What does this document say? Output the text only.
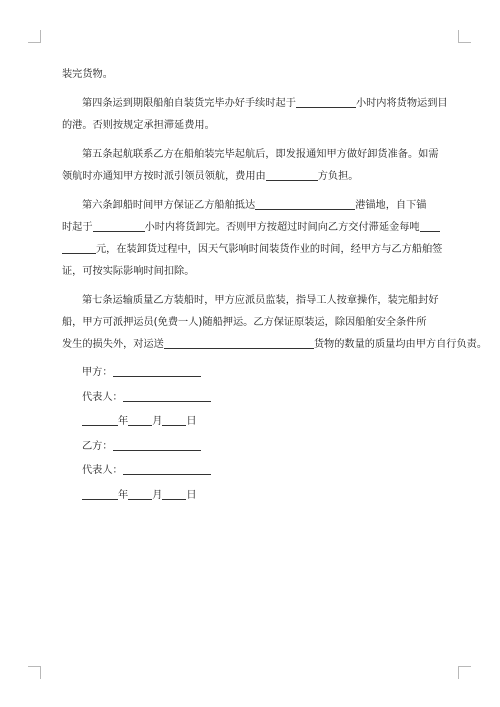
装完货物。
第四条运到期限船舶自装货完毕办好手续时起于	小时内将货物运到目
的港。否则按规定承担滞延费用。
第五条起航联系乙方在船舶装完毕起航后，即发报通知甲方做好卸货准备。如需
领航时亦通知甲方按时派引领员领航，费用由	方负担。
第六条卸船时间甲方保证乙方船舶抵达	港锚地，自下锚
时起于	小时内将货卸完。否则甲方按超过时间向乙方交付滞延金每吨
元，在装卸货过程中，因天气影响时间装货作业的时间，经甲方与乙方船舶签
证，可按实际影响时间扣除。
第七条运输质量乙方装船时，甲方应派员监装，指导工人按章操作，装完船封好
船，甲方可派押运员(免费一人)随船押运。乙方保证原装运，除因船舶安全条件所
发生的损失外，对运送	货物的数量的质量均由甲方自行负责。
甲方：
代表人：
年 月 日
乙方：
代表人：
年 月 日
